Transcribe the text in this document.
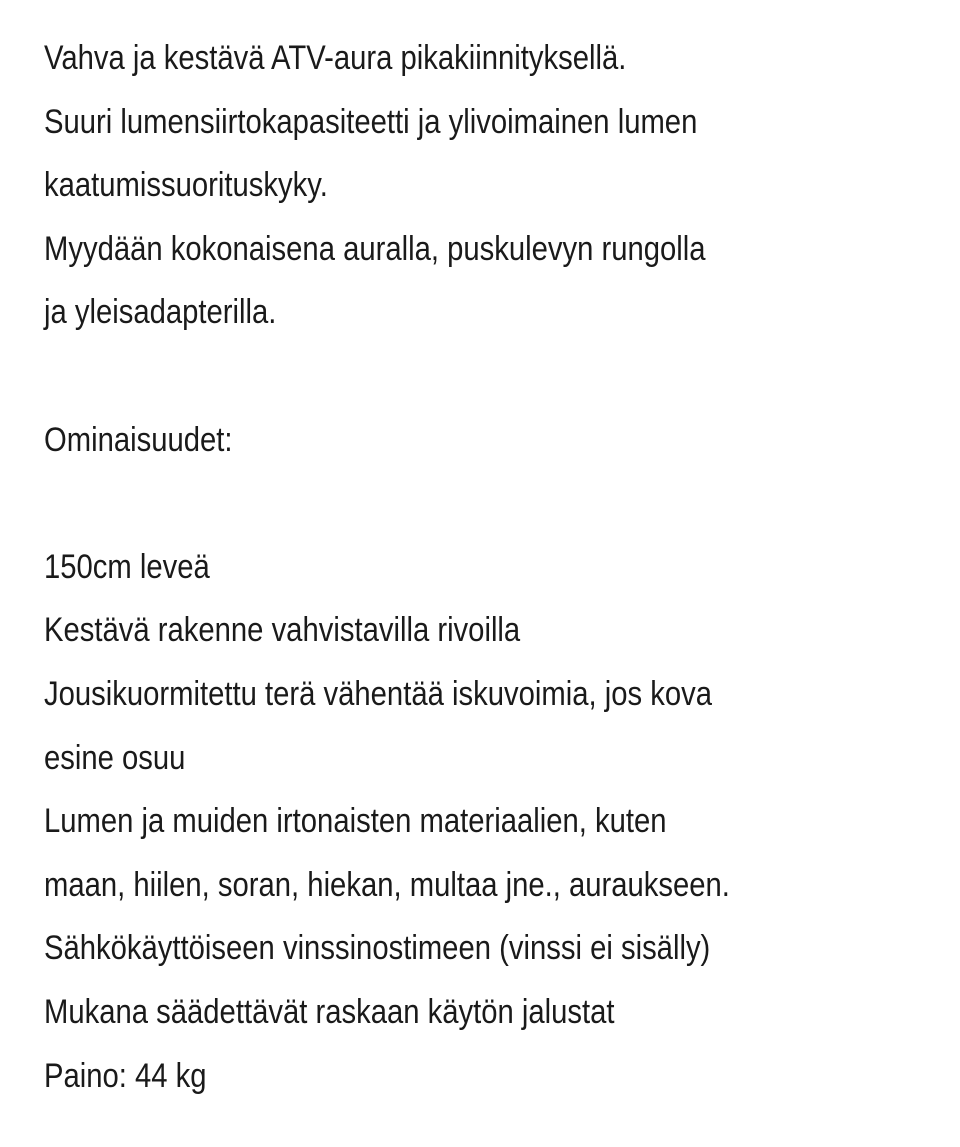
Vahva ja kestävä ATV-aura pikakiinnityksellä.
Suuri lumensiirtokapasiteetti ja ylivoimainen lumen
kaatumissuorituskyky.
Myydään kokonaisena auralla, puskulevyn rungolla
ja yleisadapterilla.
Ominaisuudet:
150cm leveä
Kestävä rakenne vahvistavilla rivoilla
Jousikuormitettu terä vähentää iskuvoimia, jos kova
esine osuu
Lumen ja muiden irtonaisten materiaalien, kuten
maan, hiilen, soran, hiekan, multaa jne., auraukseen.
Sähkökäyttöiseen vinssinostimeen (vinssi ei sisälly)
Mukana säädettävät raskaan käytön jalustat
Paino: 44 kg
